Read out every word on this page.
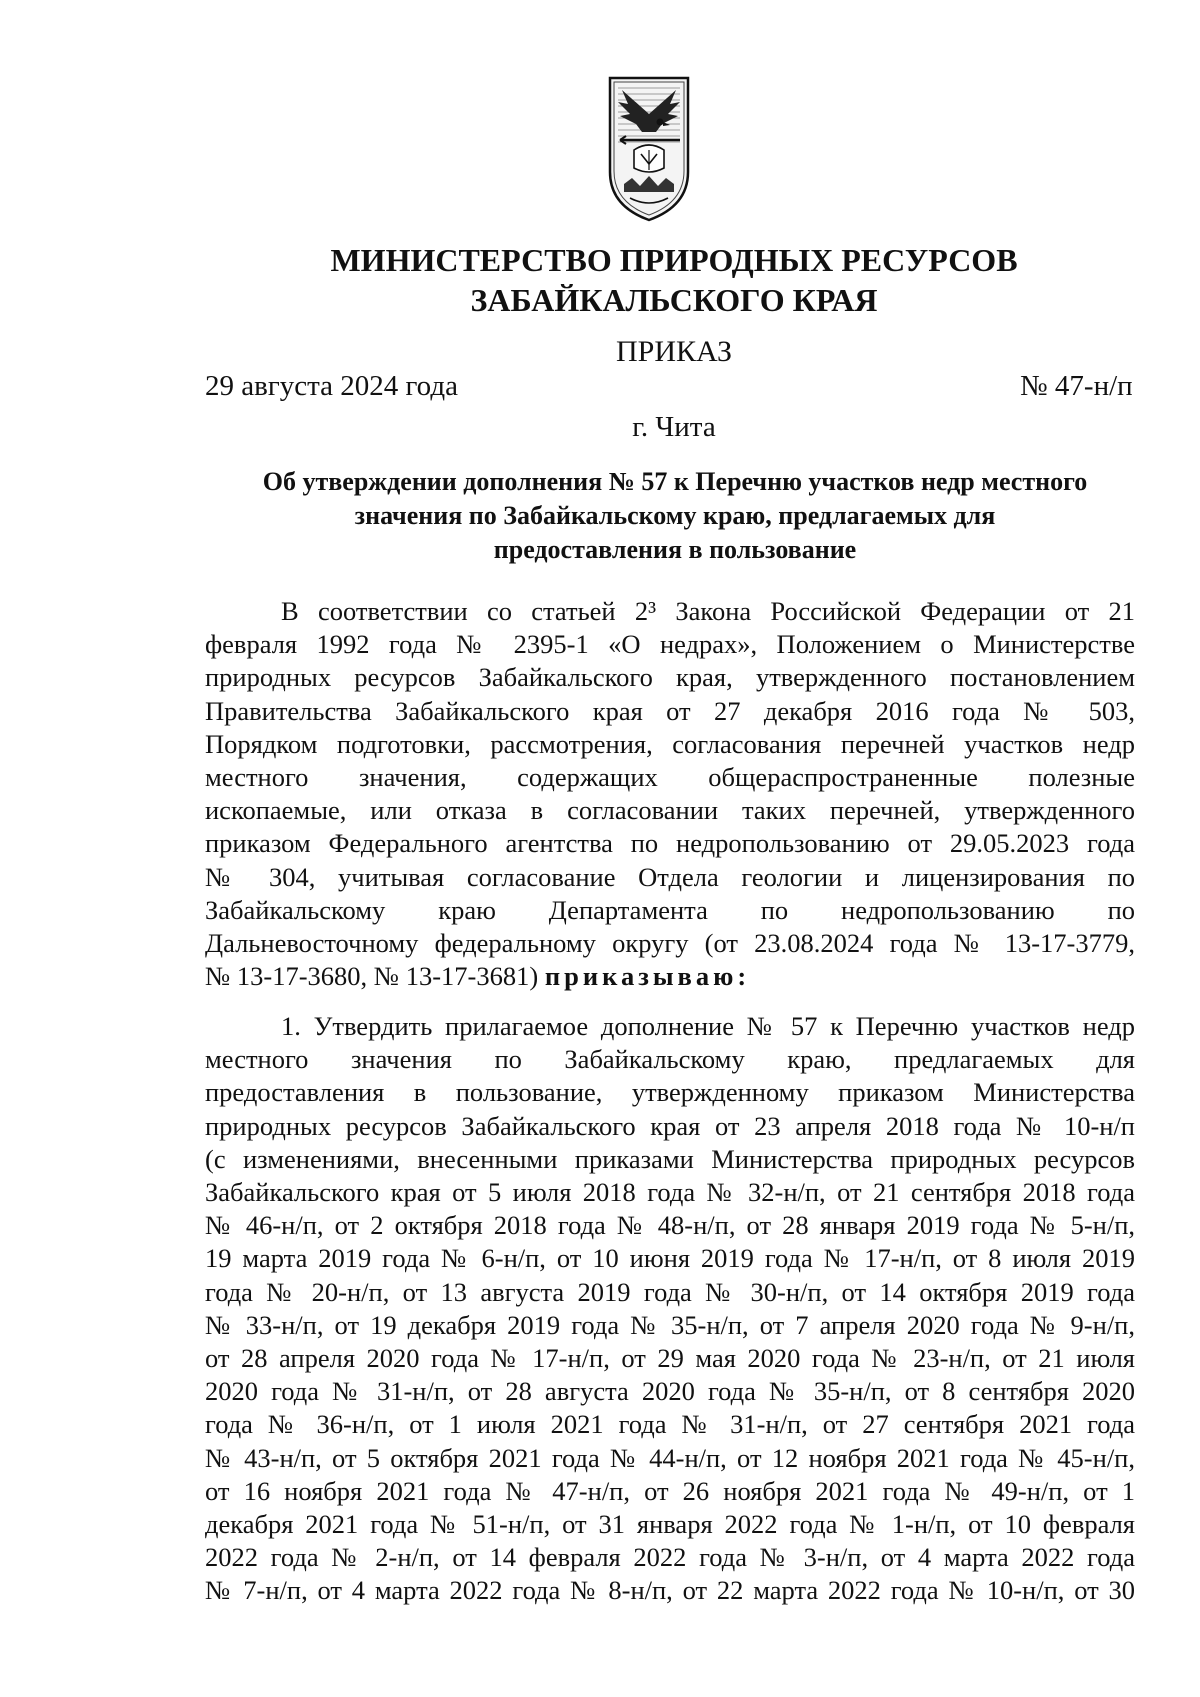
МИНИСТЕРСТВО ПРИРОДНЫХ РЕСУРСОВ
ЗАБАЙКАЛЬСКОГО КРАЯ
ПРИКАЗ
29 августа 2024 года	№ 47-н/п
г. Чита
Об утверждении дополнения № 57 к Перечню участков недр местного
значения по Забайкальскому краю, предлагаемых для
предоставления в пользование
В соответствии со статьей 2³ Закона Российской Федерации от 21
февраля 1992 года № 2395-1 «О недрах», Положением о Министерстве
природных ресурсов Забайкальского края, утвержденного постановлением
Правительства Забайкальского края от 27 декабря 2016 года № 503,
Порядком подготовки, рассмотрения, согласования перечней участков недр
местного значения, содержащих общераспространенные полезные
ископаемые, или отказа в согласовании таких перечней, утвержденного
приказом Федерального агентства по недропользованию от 29.05.2023 года
№ 304, учитывая согласование Отдела геологии и лицензирования по
Забайкальскому краю Департамента по недропользованию по
Дальневосточному федеральному округу (от 23.08.2024 года № 13-17-3779,
№ 13-17-3680, № 13-17-3681) приказываю:
1. Утвердить прилагаемое дополнение № 57 к Перечню участков недр
местного значения по Забайкальскому краю, предлагаемых для
предоставления в пользование, утвержденному приказом Министерства
природных ресурсов Забайкальского края от 23 апреля 2018 года № 10-н/п
(с изменениями, внесенными приказами Министерства природных ресурсов
Забайкальского края от 5 июля 2018 года № 32-н/п, от 21 сентября 2018 года
№ 46-н/п, от 2 октября 2018 года № 48-н/п, от 28 января 2019 года № 5-н/п,
19 марта 2019 года № 6-н/п, от 10 июня 2019 года № 17-н/п, от 8 июля 2019
года № 20-н/п, от 13 августа 2019 года № 30-н/п, от 14 октября 2019 года
№ 33-н/п, от 19 декабря 2019 года № 35-н/п, от 7 апреля 2020 года № 9-н/п,
от 28 апреля 2020 года № 17-н/п, от 29 мая 2020 года № 23-н/п, от 21 июля
2020 года № 31-н/п, от 28 августа 2020 года № 35-н/п, от 8 сентября 2020
года № 36-н/п, от 1 июля 2021 года № 31-н/п, от 27 сентября 2021 года
№ 43-н/п, от 5 октября 2021 года № 44-н/п, от 12 ноября 2021 года № 45-н/п,
от 16 ноября 2021 года № 47-н/п, от 26 ноября 2021 года № 49-н/п, от 1
декабря 2021 года № 51-н/п, от 31 января 2022 года № 1-н/п, от 10 февраля
2022 года № 2-н/п, от 14 февраля 2022 года № 3-н/п, от 4 марта 2022 года
№ 7-н/п, от 4 марта 2022 года № 8-н/п, от 22 марта 2022 года № 10-н/п, от 30
